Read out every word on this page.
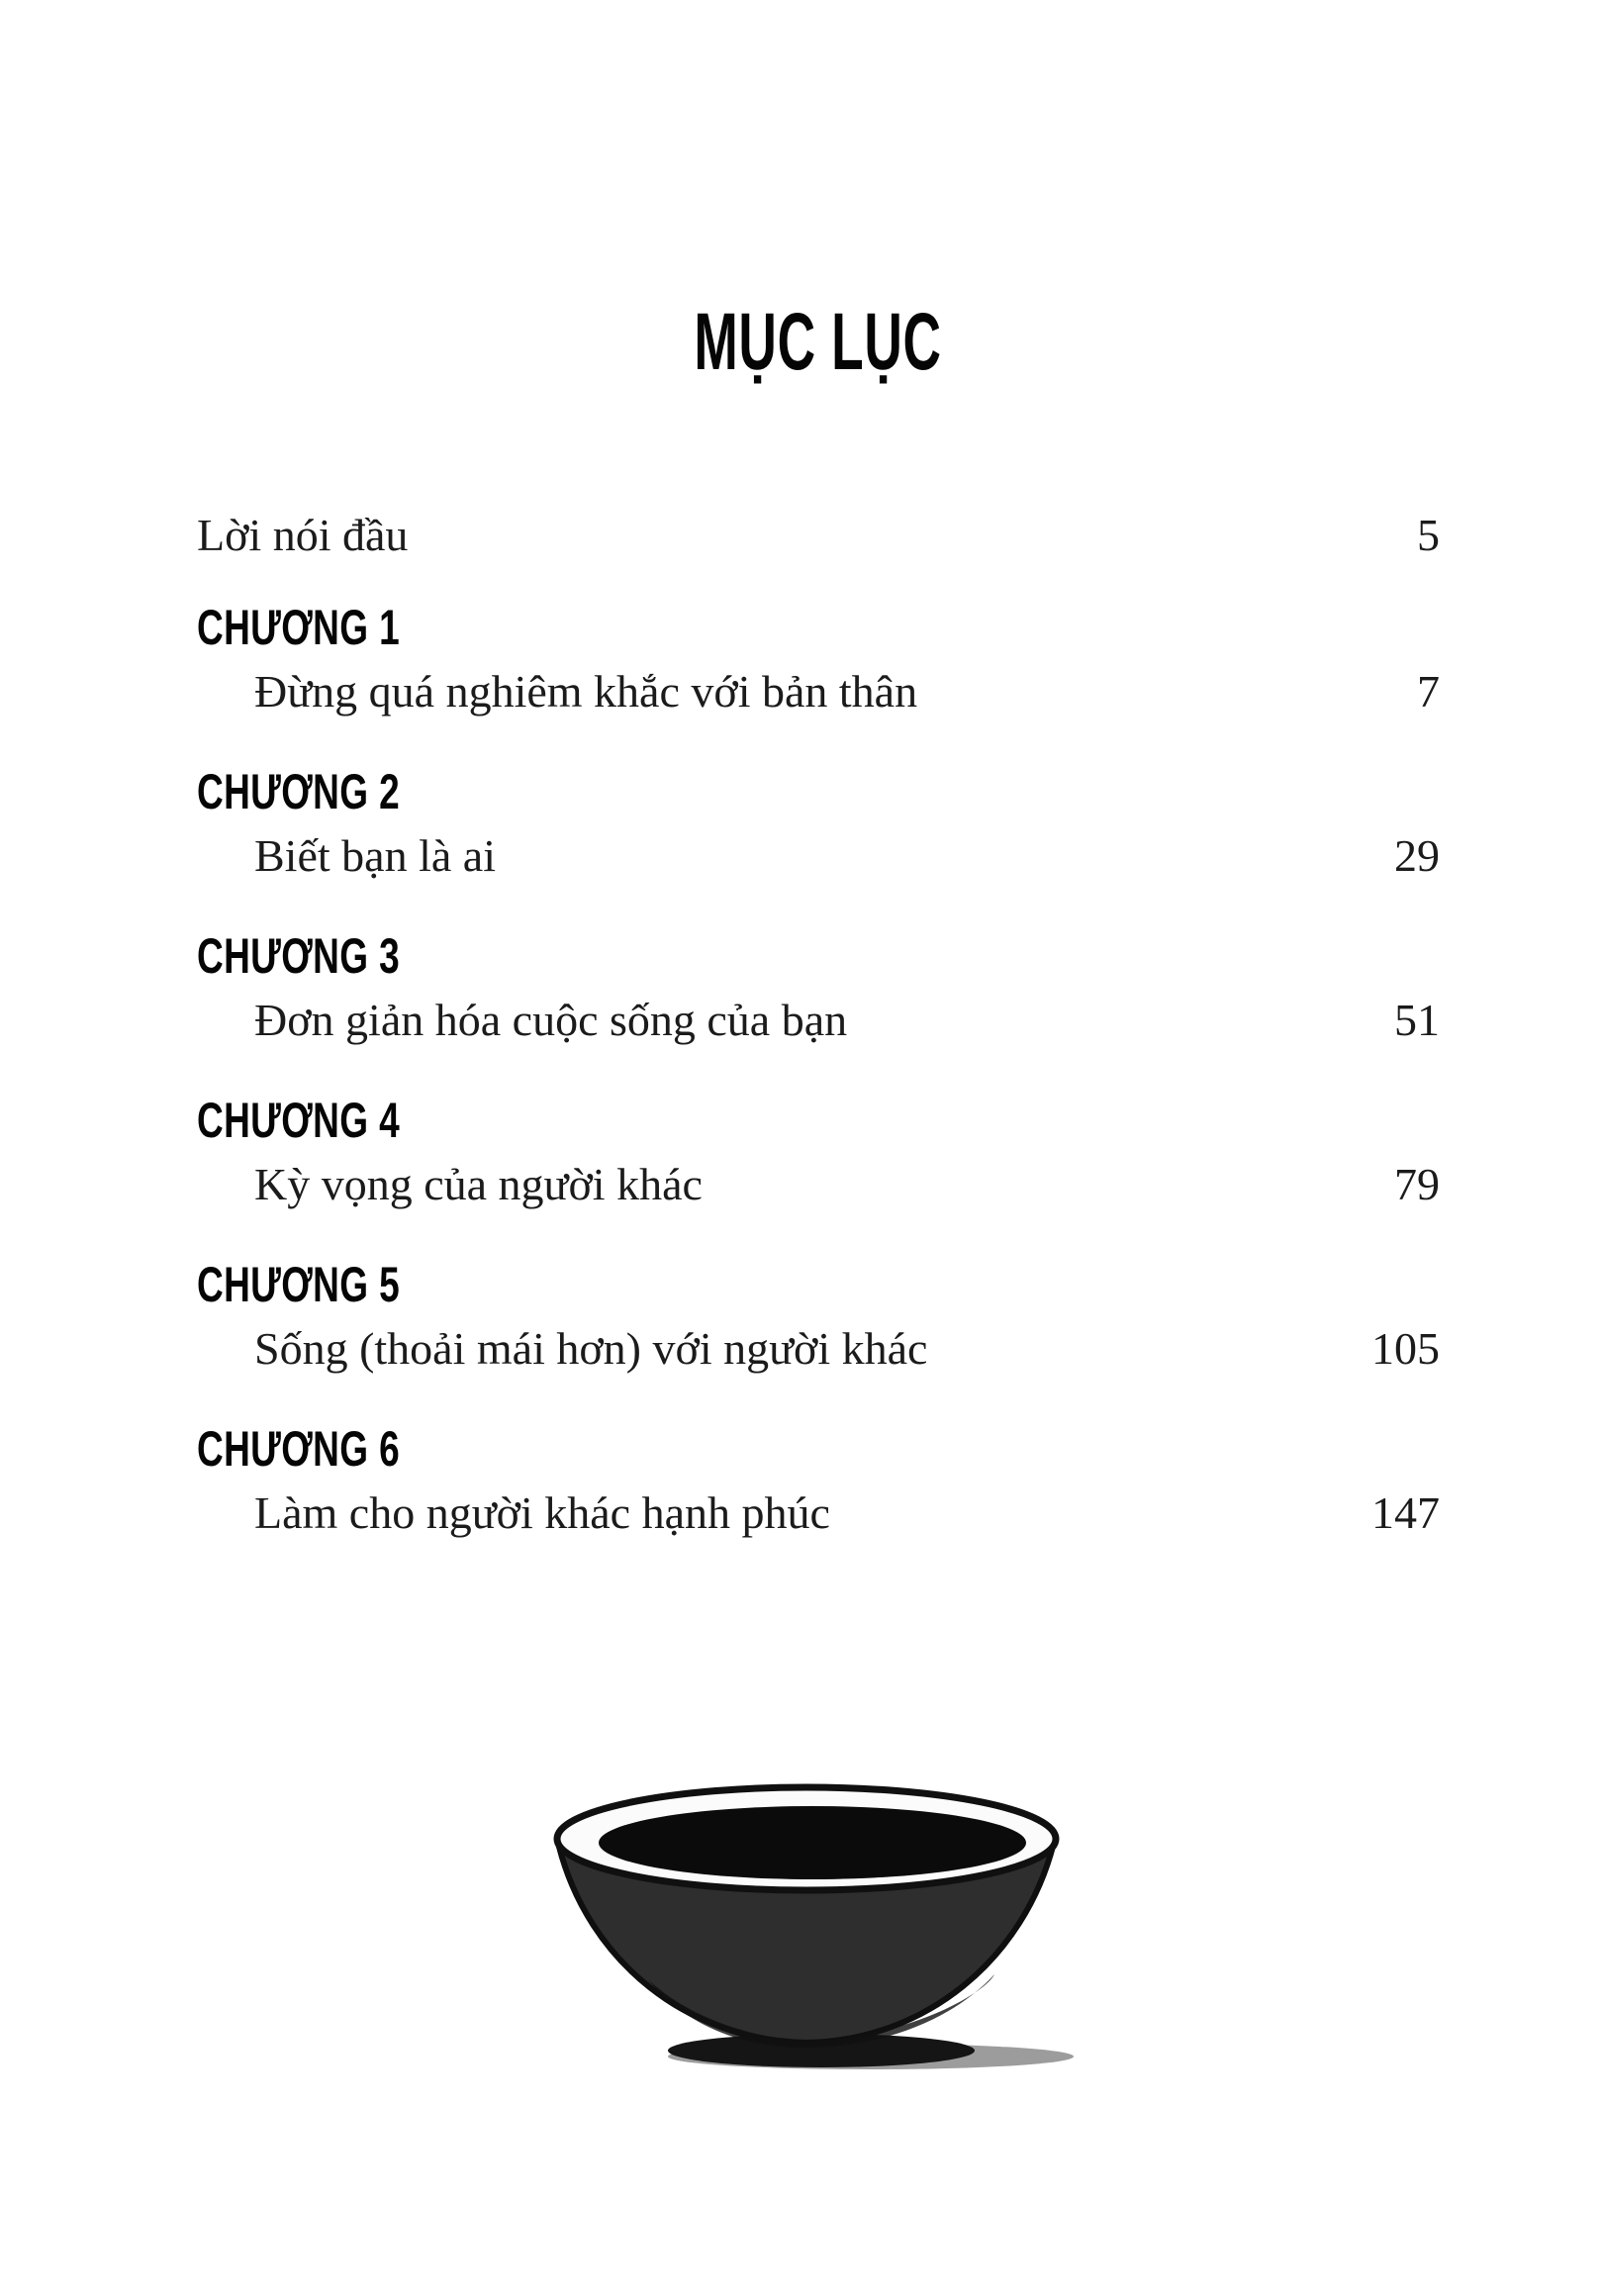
MỤC LỤC
Lời nói đầu	5
CHƯƠNG 1
Đừng quá nghiêm khắc với bản thân	7
CHƯƠNG 2
Biết bạn là ai	29
CHƯƠNG 3
Đơn giản hóa cuộc sống của bạn	51
CHƯƠNG 4
Kỳ vọng của người khác	79
CHƯƠNG 5
Sống (thoải mái hơn) với người khác	105
CHƯƠNG 6
Làm cho người khác hạnh phúc	147
